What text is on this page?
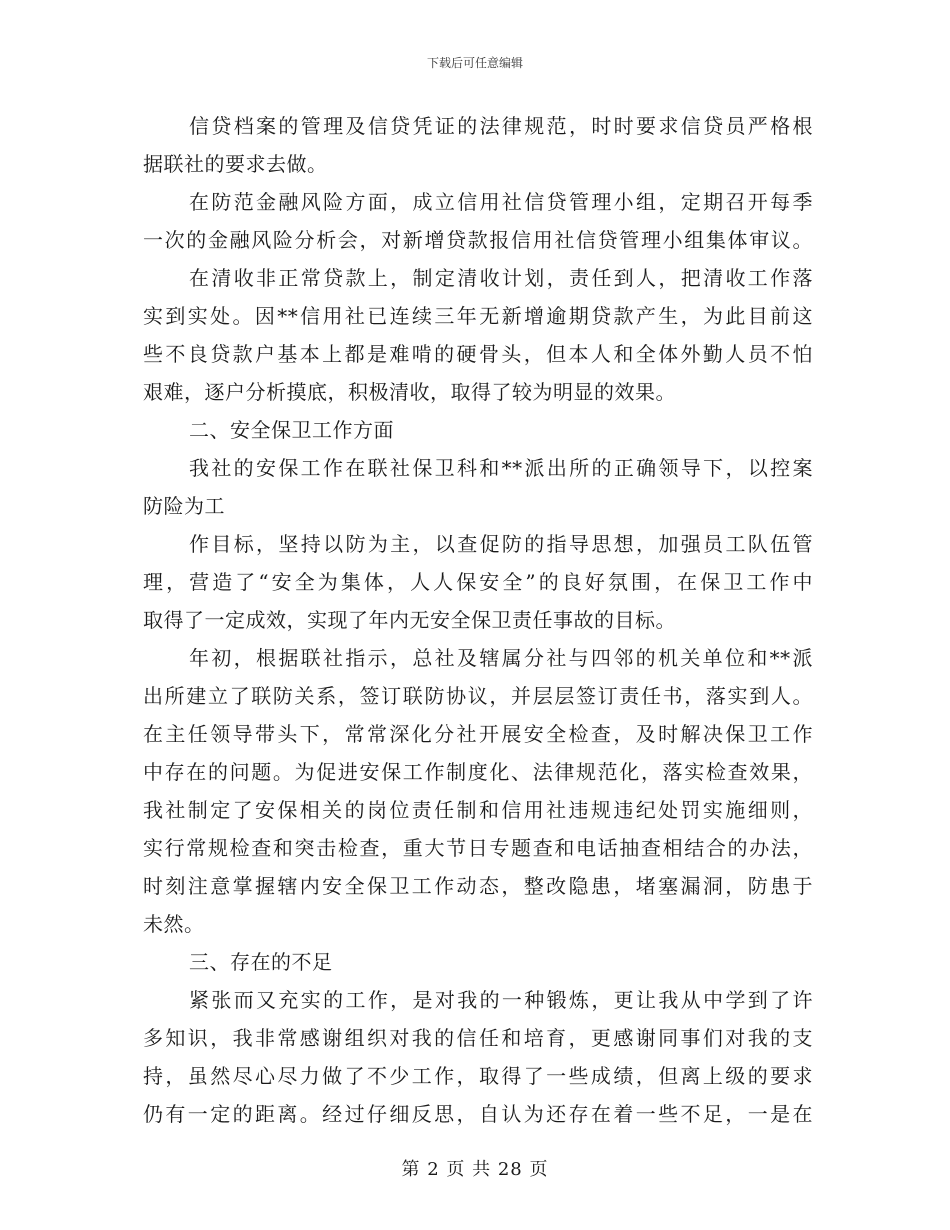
下载后可任意编辑
信贷档案的管理及信贷凭证的法律规范，时时要求信贷员严格根
据联社的要求去做。
在防范金融风险方面，成立信用社信贷管理小组，定期召开每季
一次的金融风险分析会，对新增贷款报信用社信贷管理小组集体审议。
在清收非正常贷款上，制定清收计划，责任到人，把清收工作落
实到实处。因**信用社已连续三年无新增逾期贷款产生，为此目前这
些不良贷款户基本上都是难啃的硬骨头，但本人和全体外勤人员不怕
艰难，逐户分析摸底，积极清收，取得了较为明显的效果。
二、安全保卫工作方面
我社的安保工作在联社保卫科和**派出所的正确领导下，以控案
防险为工
作目标，坚持以防为主，以查促防的指导思想，加强员工队伍管
理，营造了“安全为集体，人人保安全”的良好氛围，在保卫工作中
取得了一定成效，实现了年内无安全保卫责任事故的目标。
年初，根据联社指示，总社及辖属分社与四邻的机关单位和**派
出所建立了联防关系，签订联防协议，并层层签订责任书，落实到人。
在主任领导带头下，常常深化分社开展安全检查，及时解决保卫工作
中存在的问题。为促进安保工作制度化、法律规范化，落实检查效果，
我社制定了安保相关的岗位责任制和信用社违规违纪处罚实施细则，
实行常规检查和突击检查，重大节日专题查和电话抽查相结合的办法，
时刻注意掌握辖内安全保卫工作动态，整改隐患，堵塞漏洞，防患于
未然。
三、存在的不足
紧张而又充实的工作，是对我的一种锻炼，更让我从中学到了许
多知识，我非常感谢组织对我的信任和培育，更感谢同事们对我的支
持，虽然尽心尽力做了不少工作，取得了一些成绩，但离上级的要求
仍有一定的距离。经过仔细反思，自认为还存在着一些不足，一是在
第 2 页 共 28 页
